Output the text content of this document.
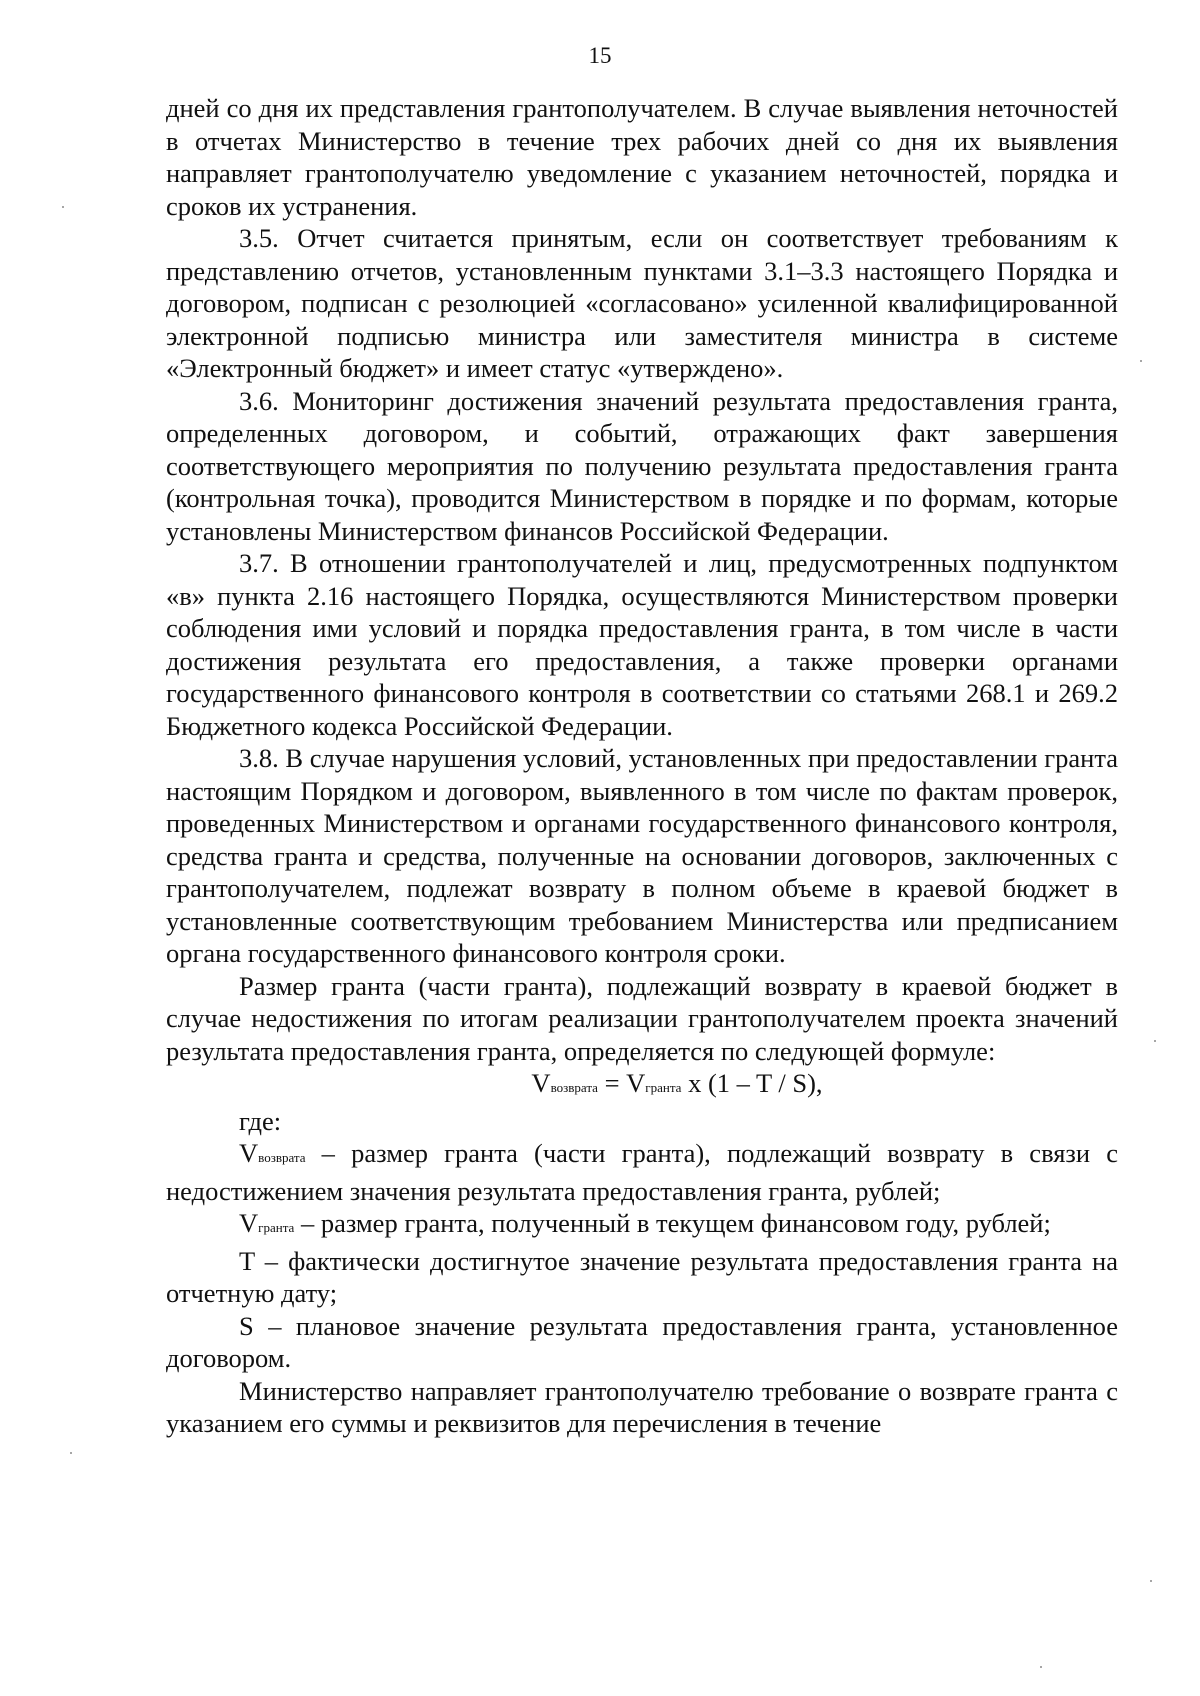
15

дней со дня их представления грантополучателем. В случае выявления неточностей в отчетах Министерство в течение трех рабочих дней со дня их выявления направляет грантополучателю уведомление с указанием неточностей, порядка и сроков их устранения.

3.5. Отчет считается принятым, если он соответствует требованиям к представлению отчетов, установленным пунктами 3.1–3.3 настоящего Порядка и договором, подписан с резолюцией «согласовано» усиленной квалифицированной электронной подписью министра или заместителя министра в системе «Электронный бюджет» и имеет статус «утверждено».

3.6. Мониторинг достижения значений результата предоставления гранта, определенных договором, и событий, отражающих факт завершения соответствующего мероприятия по получению результата предоставления гранта (контрольная точка), проводится Министерством в порядке и по формам, которые установлены Министерством финансов Российской Федерации.

3.7. В отношении грантополучателей и лиц, предусмотренных подпунктом «в» пункта 2.16 настоящего Порядка, осуществляются Министерством проверки соблюдения ими условий и порядка предоставления гранта, в том числе в части достижения результата его предоставления, а также проверки органами государственного финансового контроля в соответствии со статьями 268.1 и 269.2 Бюджетного кодекса Российской Федерации.

3.8. В случае нарушения условий, установленных при предоставлении гранта настоящим Порядком и договором, выявленного в том числе по фактам проверок, проведенных Министерством и органами государственного финансового контроля, средства гранта и средства, полученные на основании договоров, заключенных с грантополучателем, подлежат возврату в полном объеме в краевой бюджет в установленные соответствующим требованием Министерства или предписанием органа государственного финансового контроля сроки.

Размер гранта (части гранта), подлежащий возврату в краевой бюджет в случае недостижения по итогам реализации грантополучателем проекта значений результата предоставления гранта, определяется по следующей формуле:

Vвозврата = Vгранта x (1 – T / S),

где:

Vвозврата – размер гранта (части гранта), подлежащий возврату в связи с недостижением значения результата предоставления гранта, рублей;

Vгранта – размер гранта, полученный в текущем финансовом году, рублей;

T – фактически достигнутое значение результата предоставления гранта на отчетную дату;

S – плановое значение результата предоставления гранта, установленное договором.

Министерство направляет грантополучателю требование о возврате гранта с указанием его суммы и реквизитов для перечисления в течение
